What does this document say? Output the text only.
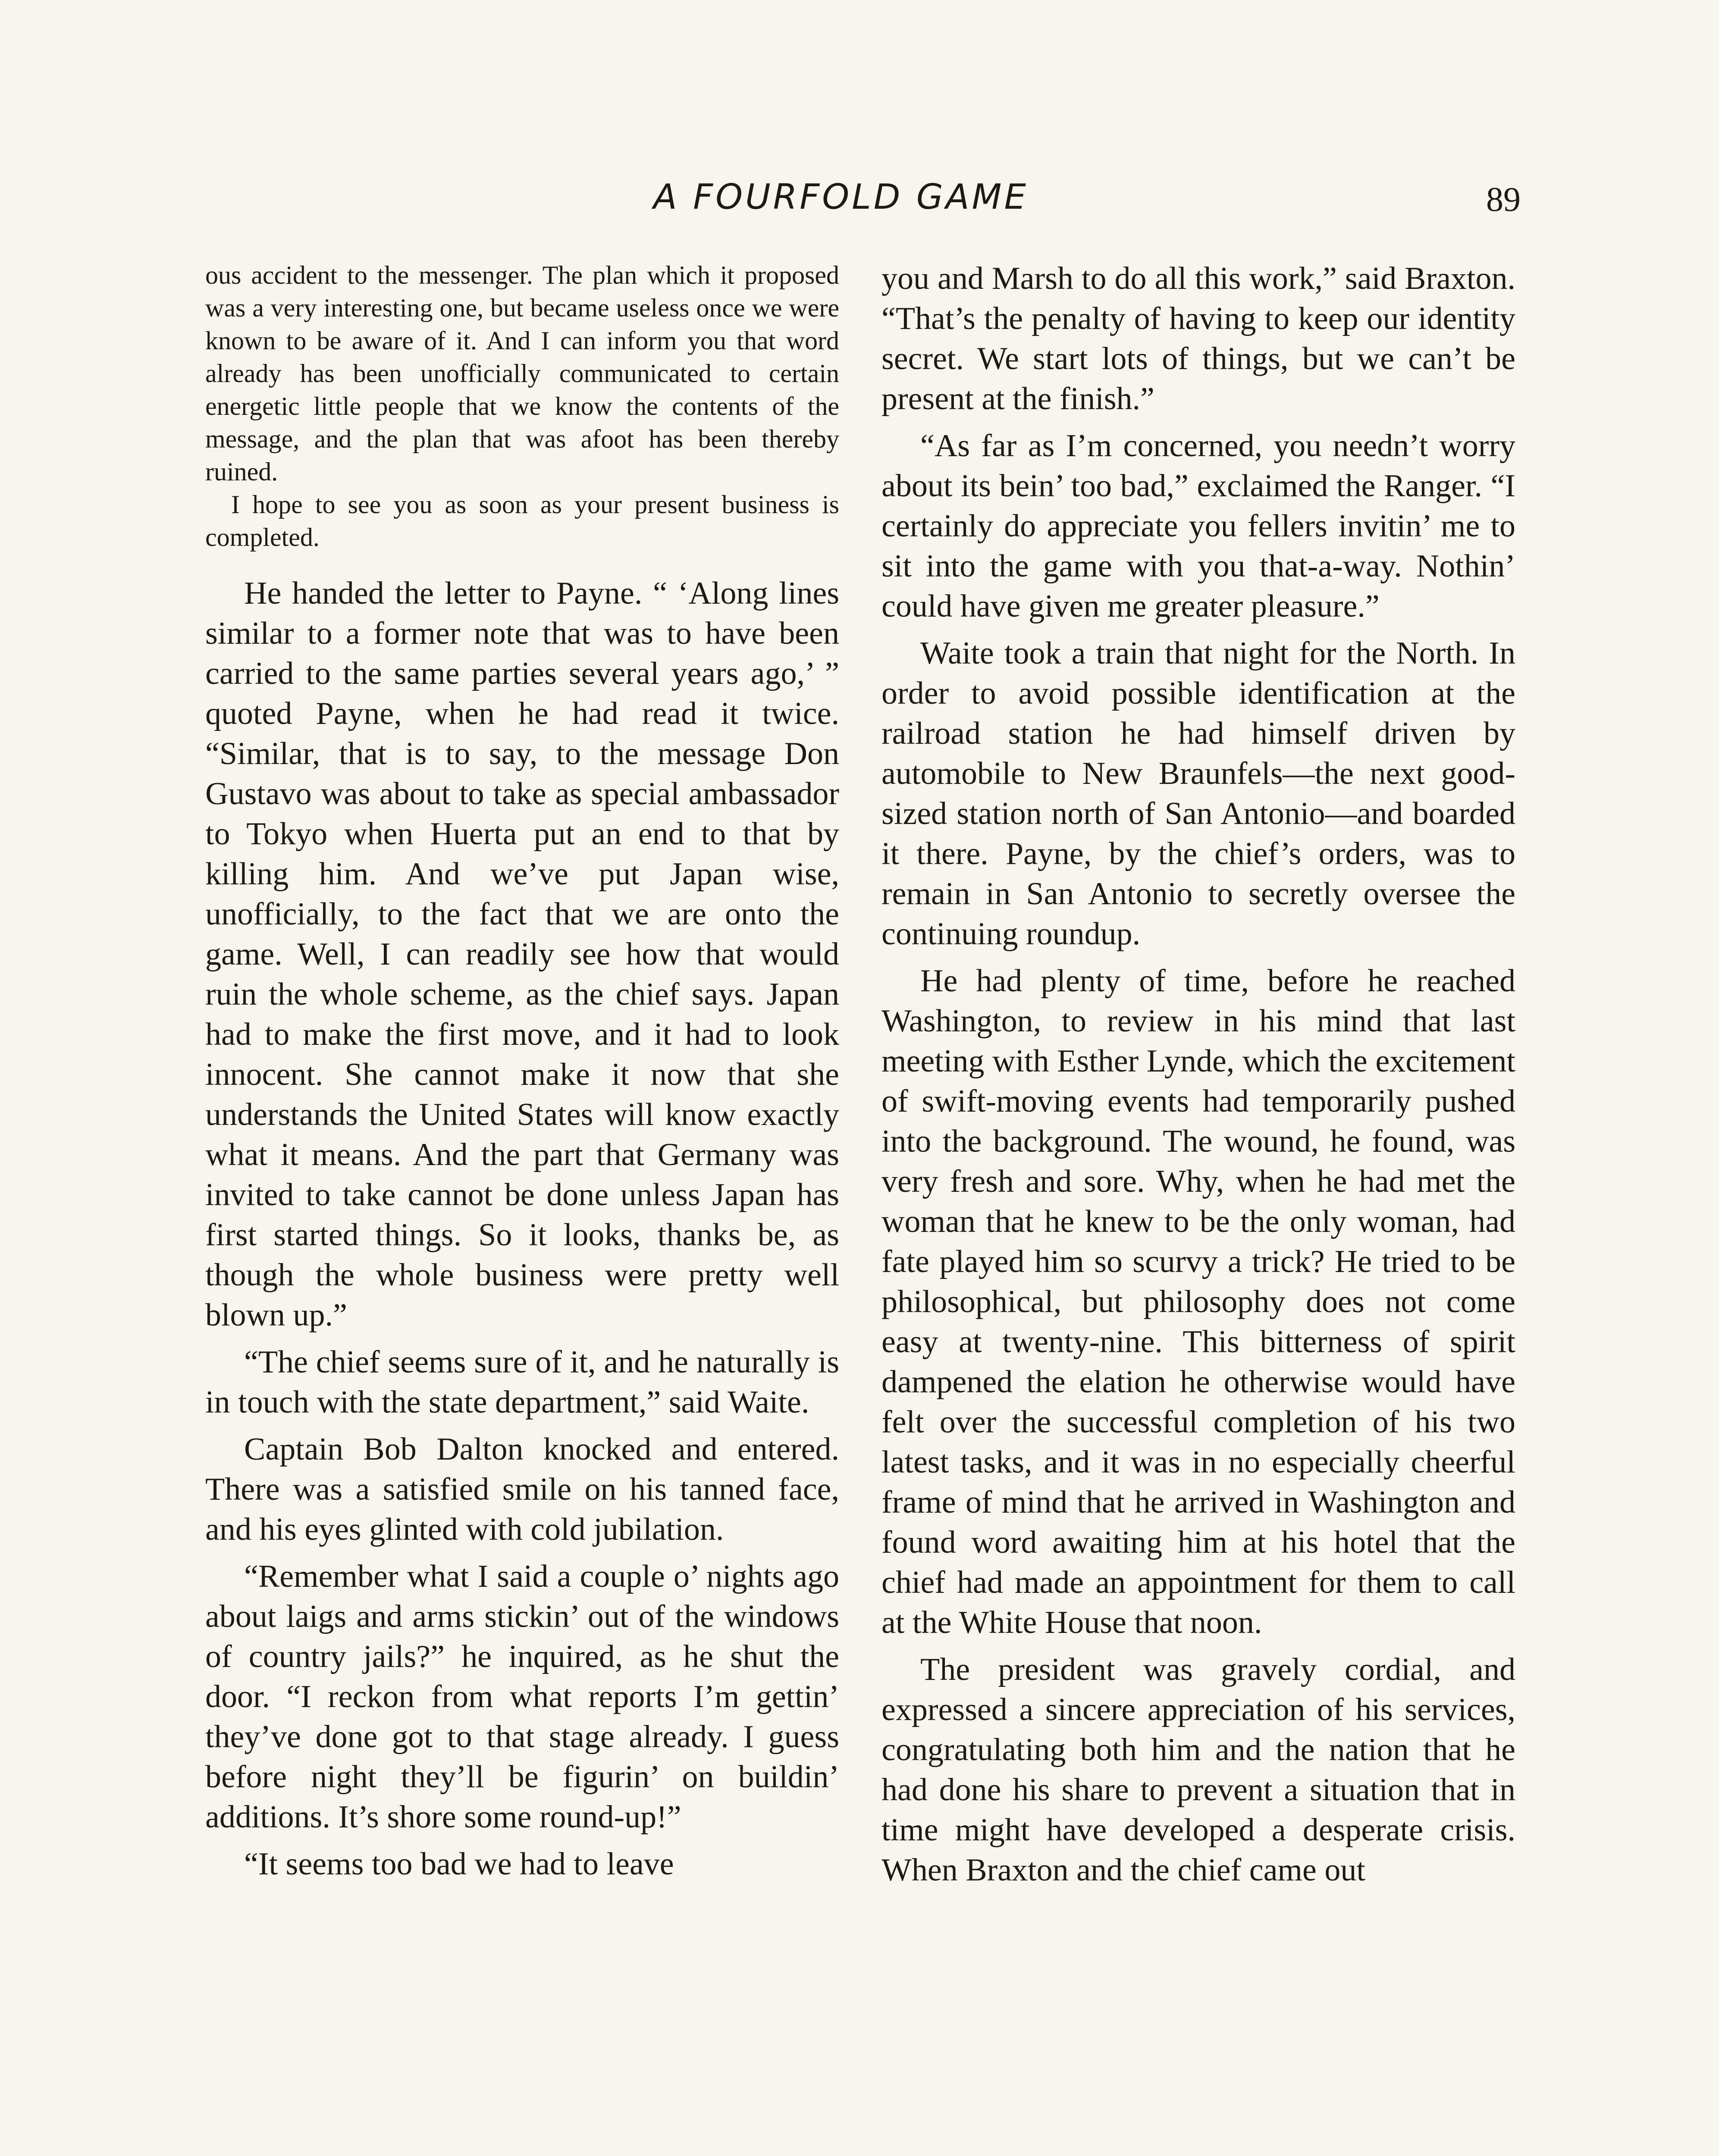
A FOURFOLD GAME	89

ous accident to the messenger. The plan which it proposed was a very interesting one, but became useless once we were known to be aware of it. And I can inform you that word already has been unofficially communicated to certain energetic little people that we know the contents of the message, and the plan that was afoot has been thereby ruined.

I hope to see you as soon as your present business is completed.

He handed the letter to Payne. “ ‘Along lines similar to a former note that was to have been carried to the same parties several years ago,’ ” quoted Payne, when he had read it twice. “Similar, that is to say, to the message Don Gustavo was about to take as special ambassador to Tokyo when Huerta put an end to that by killing him. And we’ve put Japan wise, unofficially, to the fact that we are onto the game. Well, I can readily see how that would ruin the whole scheme, as the chief says. Japan had to make the first move, and it had to look innocent. She cannot make it now that she understands the United States will know exactly what it means. And the part that Germany was invited to take cannot be done unless Japan has first started things. So it looks, thanks be, as though the whole business were pretty well blown up.”

“The chief seems sure of it, and he naturally is in touch with the state department,” said Waite.

Captain Bob Dalton knocked and entered. There was a satisfied smile on his tanned face, and his eyes glinted with cold jubilation.

“Remember what I said a couple o’ nights ago about laigs and arms stickin’ out of the windows of country jails?” he inquired, as he shut the door. “I reckon from what reports I’m gettin’ they’ve done got to that stage already. I guess before night they’ll be figurin’ on buildin’ additions. It’s shore some round-up!”

“It seems too bad we had to leave

you and Marsh to do all this work,” said Braxton. “That’s the penalty of having to keep our identity secret. We start lots of things, but we can’t be present at the finish.”

“As far as I’m concerned, you needn’t worry about its bein’ too bad,” exclaimed the Ranger. “I certainly do appreciate you fellers invitin’ me to sit into the game with you that-a-way. Nothin’ could have given me greater pleasure.”

Waite took a train that night for the North. In order to avoid possible identification at the railroad station he had himself driven by automobile to New Braunfels—the next good-sized station north of San Antonio—and boarded it there. Payne, by the chief’s orders, was to remain in San Antonio to secretly oversee the continuing roundup.

He had plenty of time, before he reached Washington, to review in his mind that last meeting with Esther Lynde, which the excitement of swift-moving events had temporarily pushed into the background. The wound, he found, was very fresh and sore. Why, when he had met the woman that he knew to be the only woman, had fate played him so scurvy a trick? He tried to be philosophical, but philosophy does not come easy at twenty-nine. This bitterness of spirit dampened the elation he otherwise would have felt over the successful completion of his two latest tasks, and it was in no especially cheerful frame of mind that he arrived in Washington and found word awaiting him at his hotel that the chief had made an appointment for them to call at the White House that noon.

The president was gravely cordial, and expressed a sincere appreciation of his services, congratulating both him and the nation that he had done his share to prevent a situation that in time might have developed a desperate crisis. When Braxton and the chief came out
